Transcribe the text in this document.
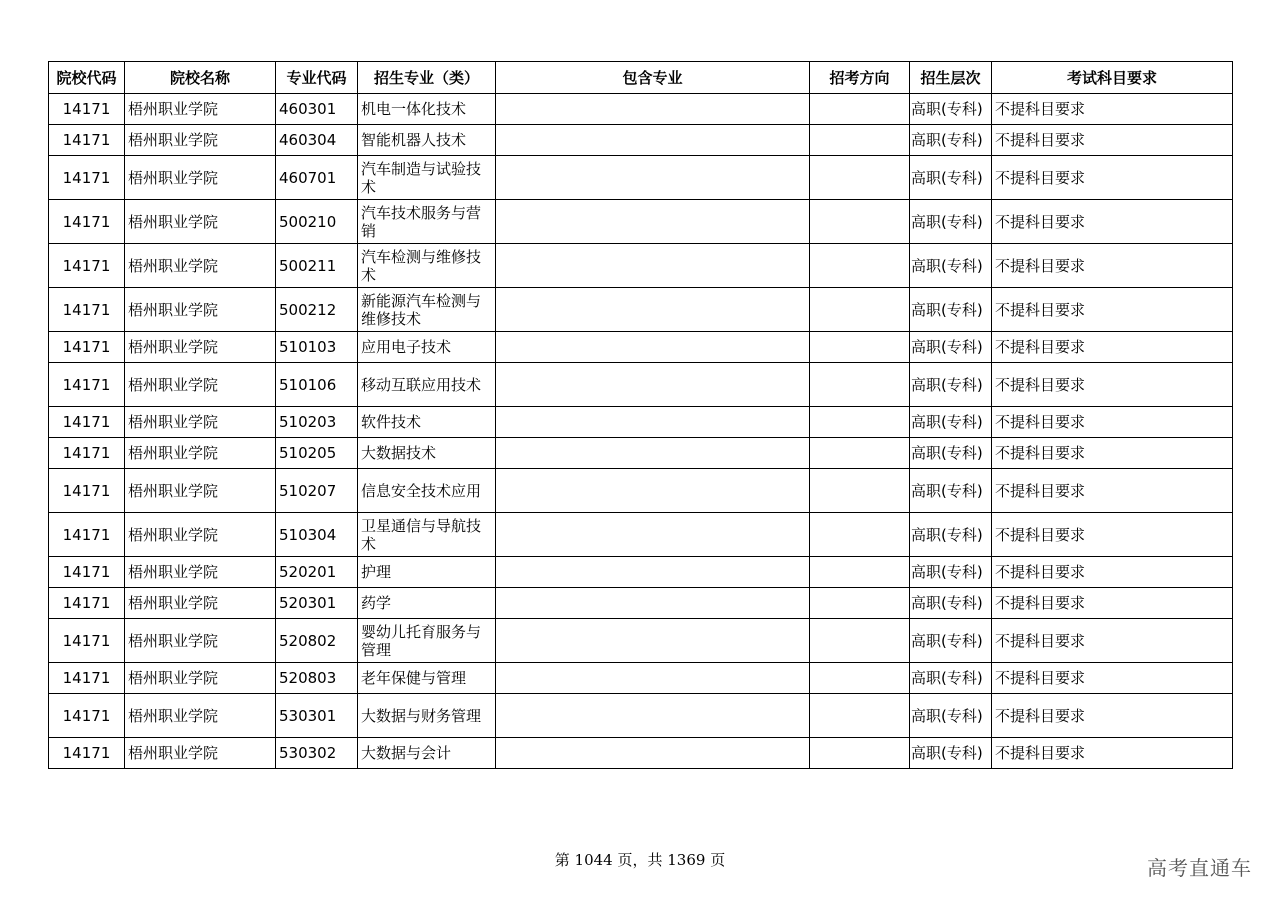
院校代码	院校名称	专业代码	招生专业（类）	包含专业	招考方向	招生层次	考试科目要求
14171	梧州职业学院	460301	机电一体化技术			高职(专科)	不提科目要求
14171	梧州职业学院	460304	智能机器人技术			高职(专科)	不提科目要求
14171	梧州职业学院	460701	汽车制造与试验技术			高职(专科)	不提科目要求
14171	梧州职业学院	500210	汽车技术服务与营销			高职(专科)	不提科目要求
14171	梧州职业学院	500211	汽车检测与维修技术			高职(专科)	不提科目要求
14171	梧州职业学院	500212	新能源汽车检测与维修技术			高职(专科)	不提科目要求
14171	梧州职业学院	510103	应用电子技术			高职(专科)	不提科目要求
14171	梧州职业学院	510106	移动互联应用技术			高职(专科)	不提科目要求
14171	梧州职业学院	510203	软件技术			高职(专科)	不提科目要求
14171	梧州职业学院	510205	大数据技术			高职(专科)	不提科目要求
14171	梧州职业学院	510207	信息安全技术应用			高职(专科)	不提科目要求
14171	梧州职业学院	510304	卫星通信与导航技术			高职(专科)	不提科目要求
14171	梧州职业学院	520201	护理			高职(专科)	不提科目要求
14171	梧州职业学院	520301	药学			高职(专科)	不提科目要求
14171	梧州职业学院	520802	婴幼儿托育服务与管理			高职(专科)	不提科目要求
14171	梧州职业学院	520803	老年保健与管理			高职(专科)	不提科目要求
14171	梧州职业学院	530301	大数据与财务管理			高职(专科)	不提科目要求
14171	梧州职业学院	530302	大数据与会计			高职(专科)	不提科目要求
第 1044 页，共 1369 页	高考直通车
